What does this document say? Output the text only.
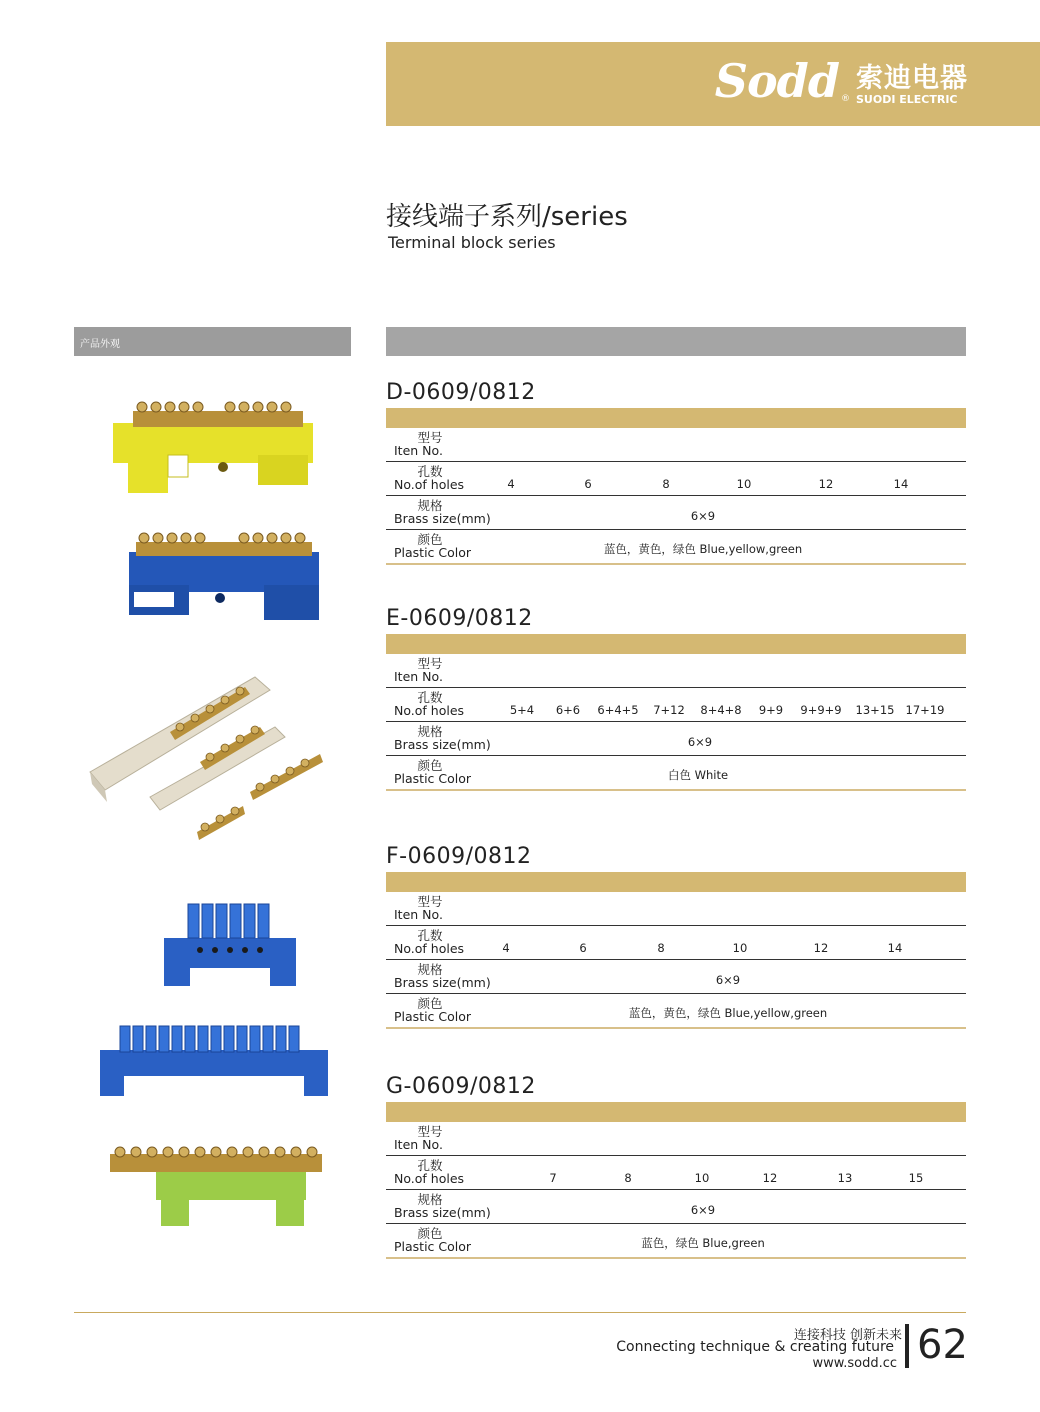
Sodd ®
索迪电器
SUODI ELECTRIC
接线端子系列/series
Terminal block series
产品外观
D-0609/0812
型号
Iten No.
孔数
No.of holes	4	6	8	10	12	14
规格
Brass size(mm)	6×9
颜色
Plastic Color	蓝色，黄色，绿色 Blue,yellow,green
E-0609/0812
型号
Iten No.
孔数
No.of holes	5+4 6+6 6+4+5 7+12 8+4+8 9+9 9+9+9 13+15 17+19
规格
Brass size(mm)	6×9
颜色
Plastic Color	白色 White
F-0609/0812
型号
Iten No.
孔数
No.of holes	4	6	8	10	12	14
规格
Brass size(mm)	6×9
颜色
Plastic Color	蓝色，黄色，绿色 Blue,yellow,green
G-0609/0812
型号
Iten No.
孔数
No.of holes	7	8	10	12	13	15
规格
Brass size(mm)	6×9
颜色
Plastic Color	蓝色，绿色 Blue,green
连接科技 创新未来
Connecting technique & creating future
www.sodd.cc 62
